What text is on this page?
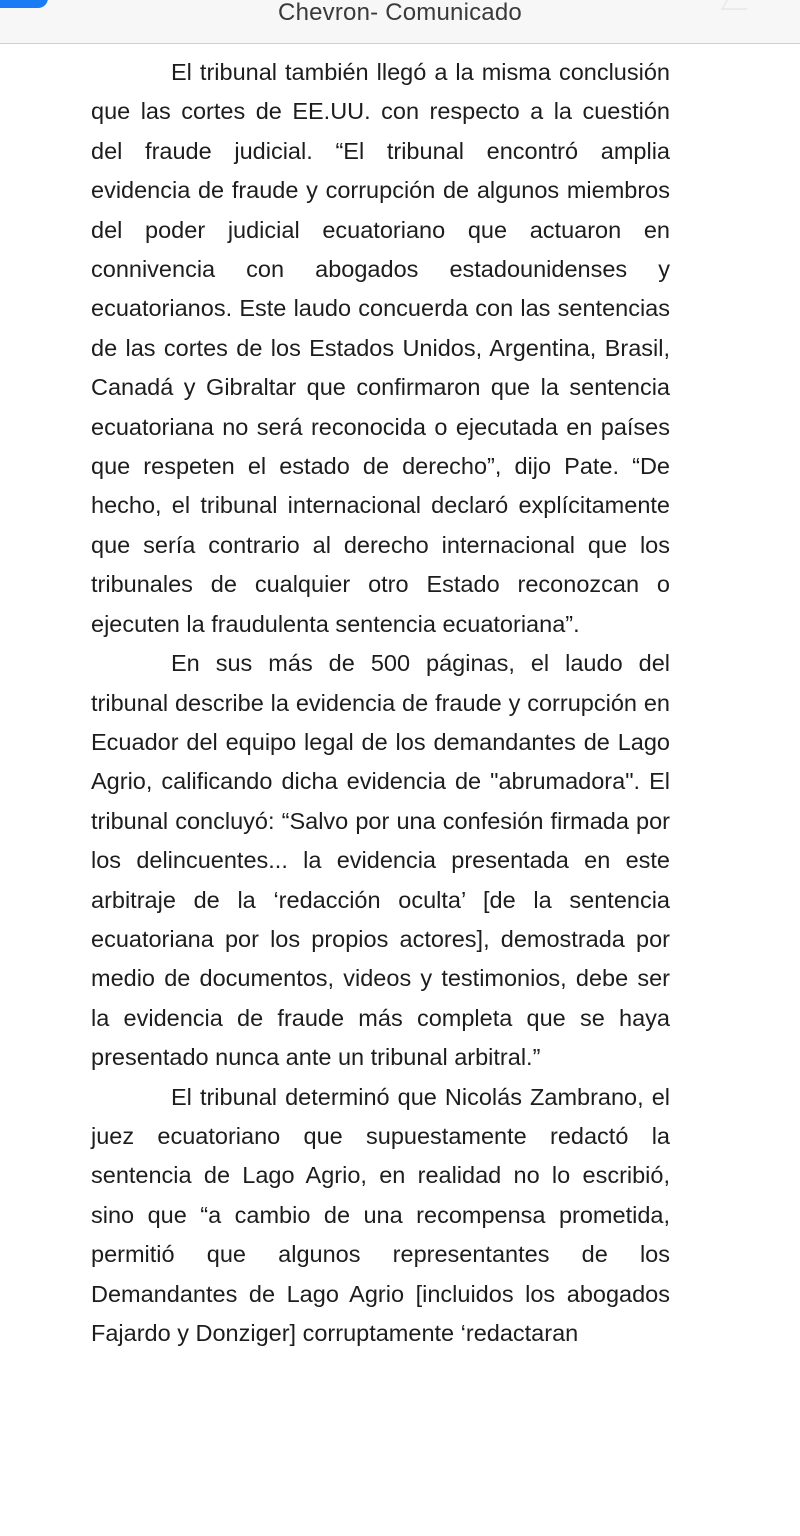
Chevron- Comunicado

El tribunal también llegó a la misma conclusión que las cortes de EE.UU. con respecto a la cuestión del fraude judicial. “El tribunal encontró amplia evidencia de fraude y corrupción de algunos miembros del poder judicial ecuatoriano que actuaron en connivencia con abogados estadounidenses y ecuatorianos. Este laudo concuerda con las sentencias de las cortes de los Estados Unidos, Argentina, Brasil, Canadá y Gibraltar que confirmaron que la sentencia ecuatoriana no será reconocida o ejecutada en países que respeten el estado de derecho”, dijo Pate. “De hecho, el tribunal internacional declaró explícitamente que sería contrario al derecho internacional que los tribunales de cualquier otro Estado reconozcan o ejecuten la fraudulenta sentencia ecuatoriana”.

En sus más de 500 páginas, el laudo del tribunal describe la evidencia de fraude y corrupción en Ecuador del equipo legal de los demandantes de Lago Agrio, calificando dicha evidencia de "abrumadora". El tribunal concluyó: “Salvo por una confesión firmada por los delincuentes... la evidencia presentada en este arbitraje de la ‘redacción oculta’ [de la sentencia ecuatoriana por los propios actores], demostrada por medio de documentos, videos y testimonios, debe ser la evidencia de fraude más completa que se haya presentado nunca ante un tribunal arbitral.”

El tribunal determinó que Nicolás Zambrano, el juez ecuatoriano que supuestamente redactó la sentencia de Lago Agrio, en realidad no lo escribió, sino que “a cambio de una recompensa prometida, permitió que algunos representantes de los Demandantes de Lago Agrio [incluidos los abogados Fajardo y Donziger] corruptamente ‘redactaran
